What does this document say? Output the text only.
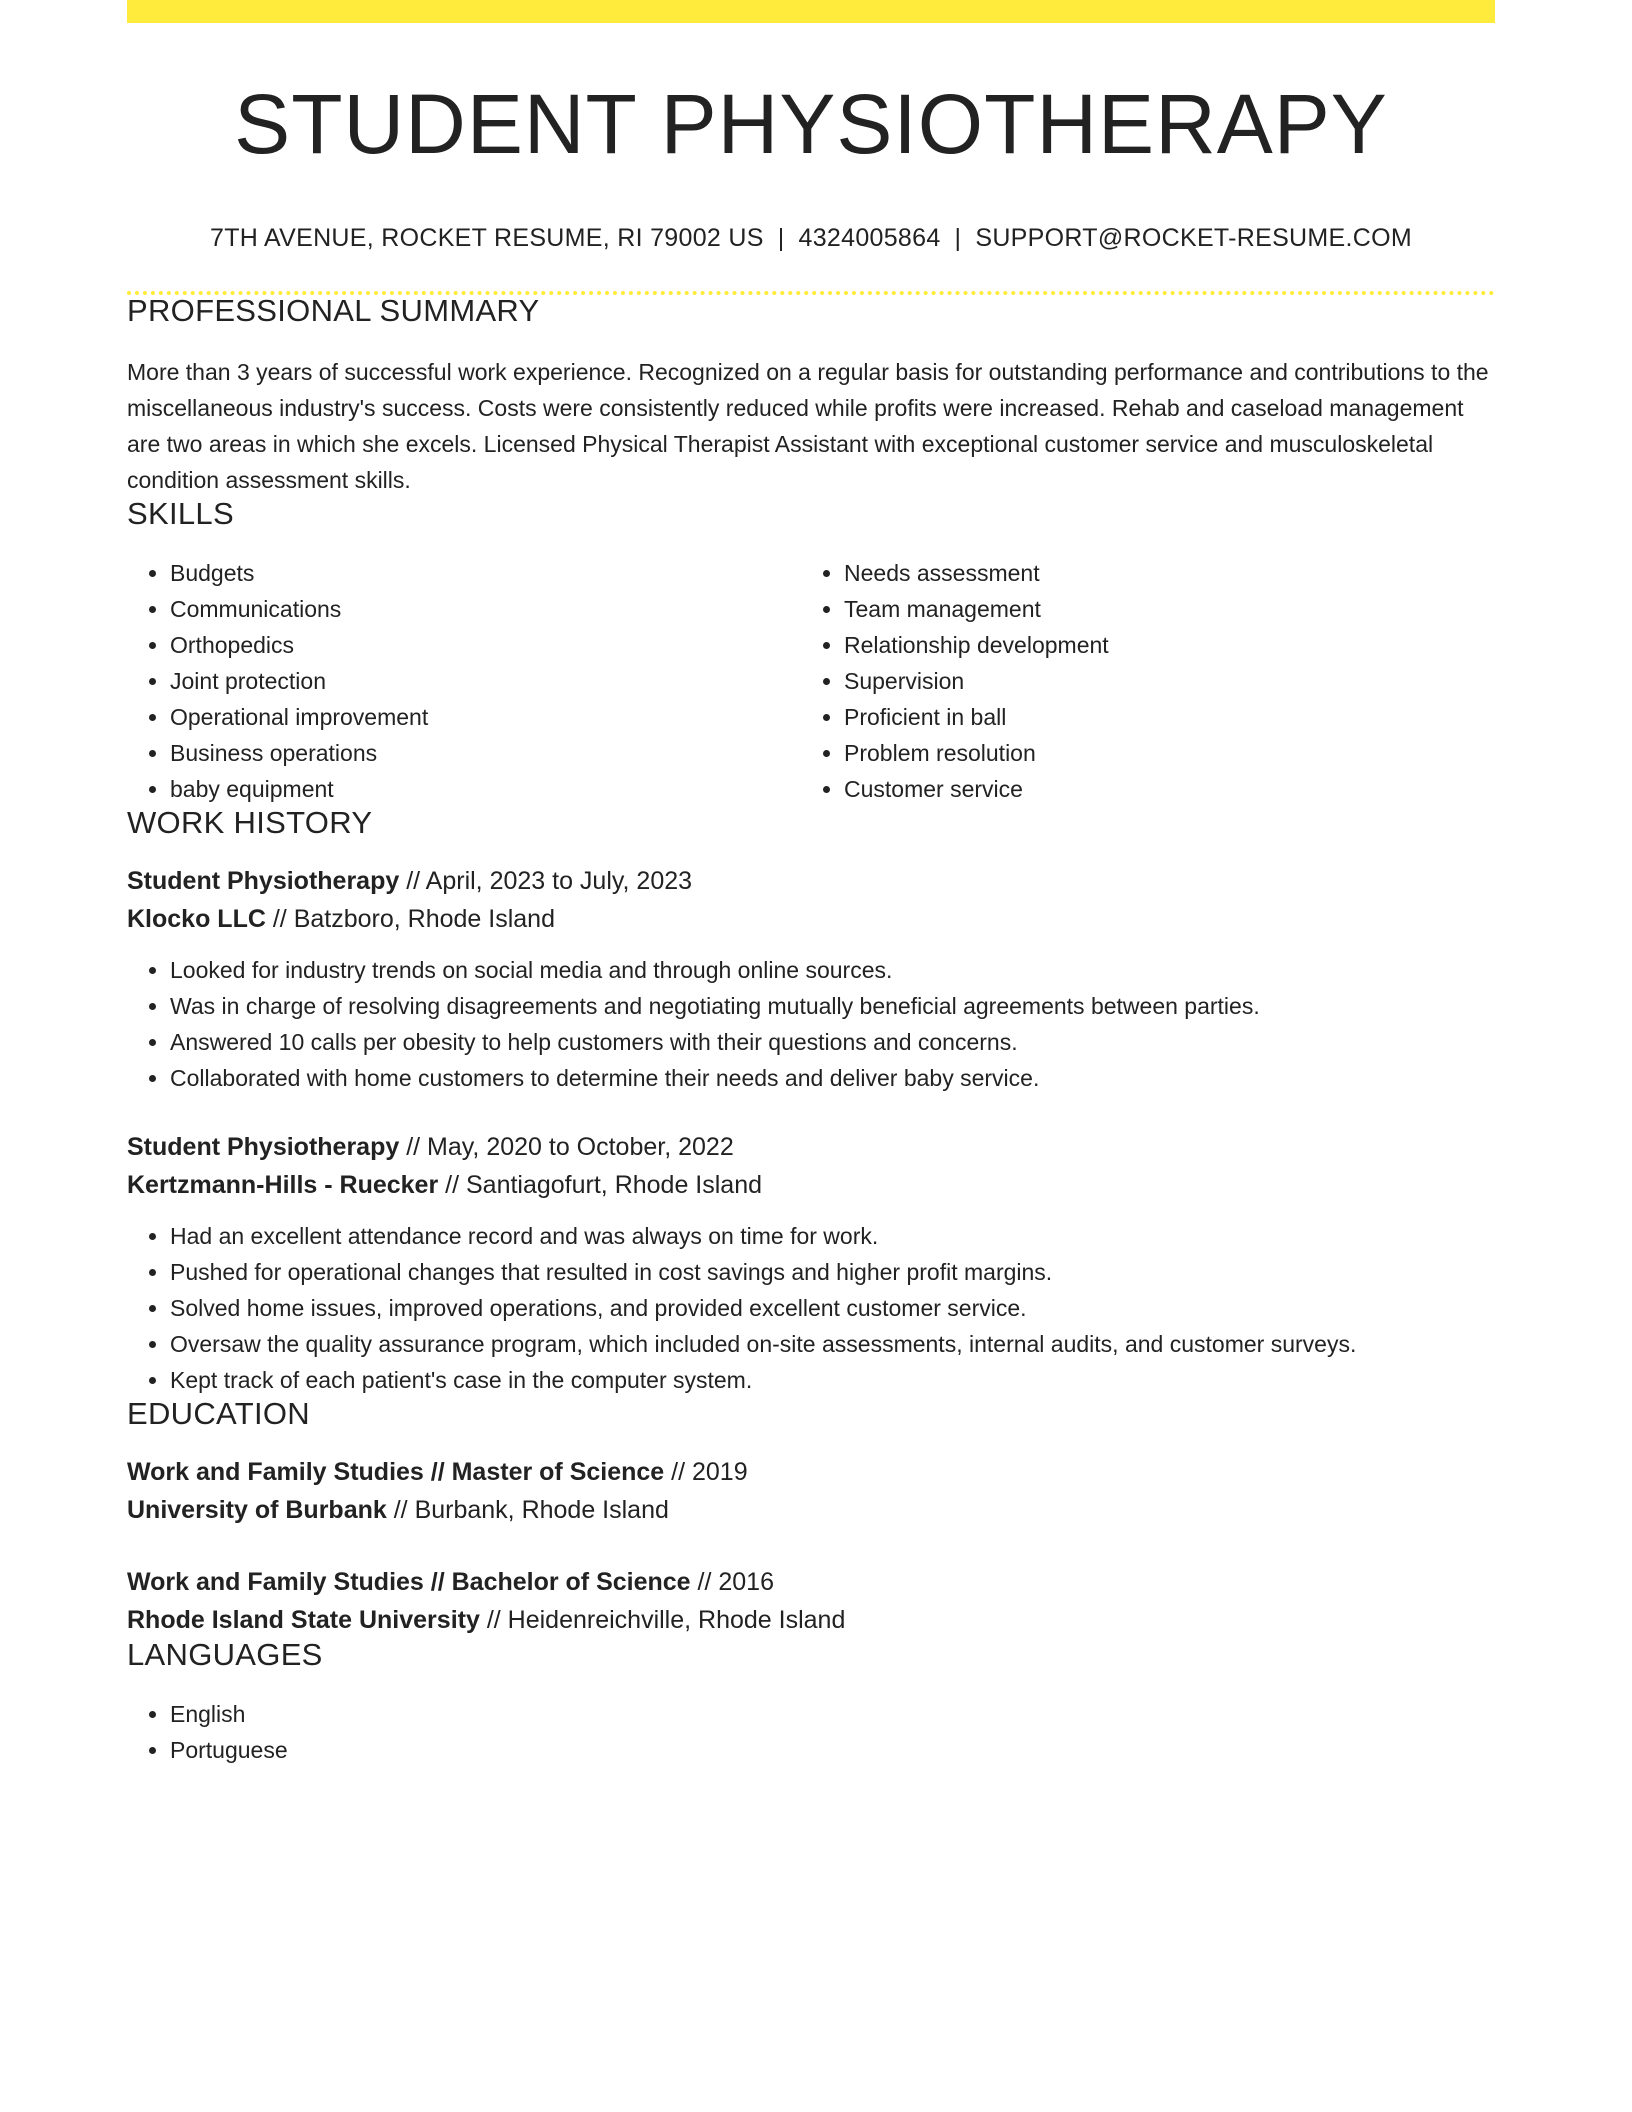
STUDENT PHYSIOTHERAPY
7TH AVENUE, ROCKET RESUME, RI 79002 US | 4324005864 | SUPPORT@ROCKET-RESUME.COM
PROFESSIONAL SUMMARY

More than 3 years of successful work experience. Recognized on a regular basis for outstanding performance and contributions to the miscellaneous industry's success. Costs were consistently reduced while profits were increased. Rehab and caseload management are two areas in which she excels. Licensed Physical Therapist Assistant with exceptional customer service and musculoskeletal condition assessment skills.

SKILLS
• Budgets
• Communications
• Orthopedics
• Joint protection
• Operational improvement
• Business operations
• baby equipment
• Needs assessment
• Team management
• Relationship development
• Supervision
• Proficient in ball
• Problem resolution
• Customer service
WORK HISTORY
Student Physiotherapy // April, 2023 to July, 2023
Klocko LLC // Batzboro, Rhode Island
• Looked for industry trends on social media and through online sources.
• Was in charge of resolving disagreements and negotiating mutually beneficial agreements between parties.
• Answered 10 calls per obesity to help customers with their questions and concerns.
• Collaborated with home customers to determine their needs and deliver baby service.
Student Physiotherapy // May, 2020 to October, 2022
Kertzmann-Hills - Ruecker // Santiagofurt, Rhode Island
• Had an excellent attendance record and was always on time for work.
• Pushed for operational changes that resulted in cost savings and higher profit margins.
• Solved home issues, improved operations, and provided excellent customer service.
• Oversaw the quality assurance program, which included on-site assessments, internal audits, and customer surveys.
• Kept track of each patient's case in the computer system.
EDUCATION
Work and Family Studies // Master of Science // 2019
University of Burbank // Burbank, Rhode Island
Work and Family Studies // Bachelor of Science // 2016
Rhode Island State University // Heidenreichville, Rhode Island
LANGUAGES
• English
• Portuguese
